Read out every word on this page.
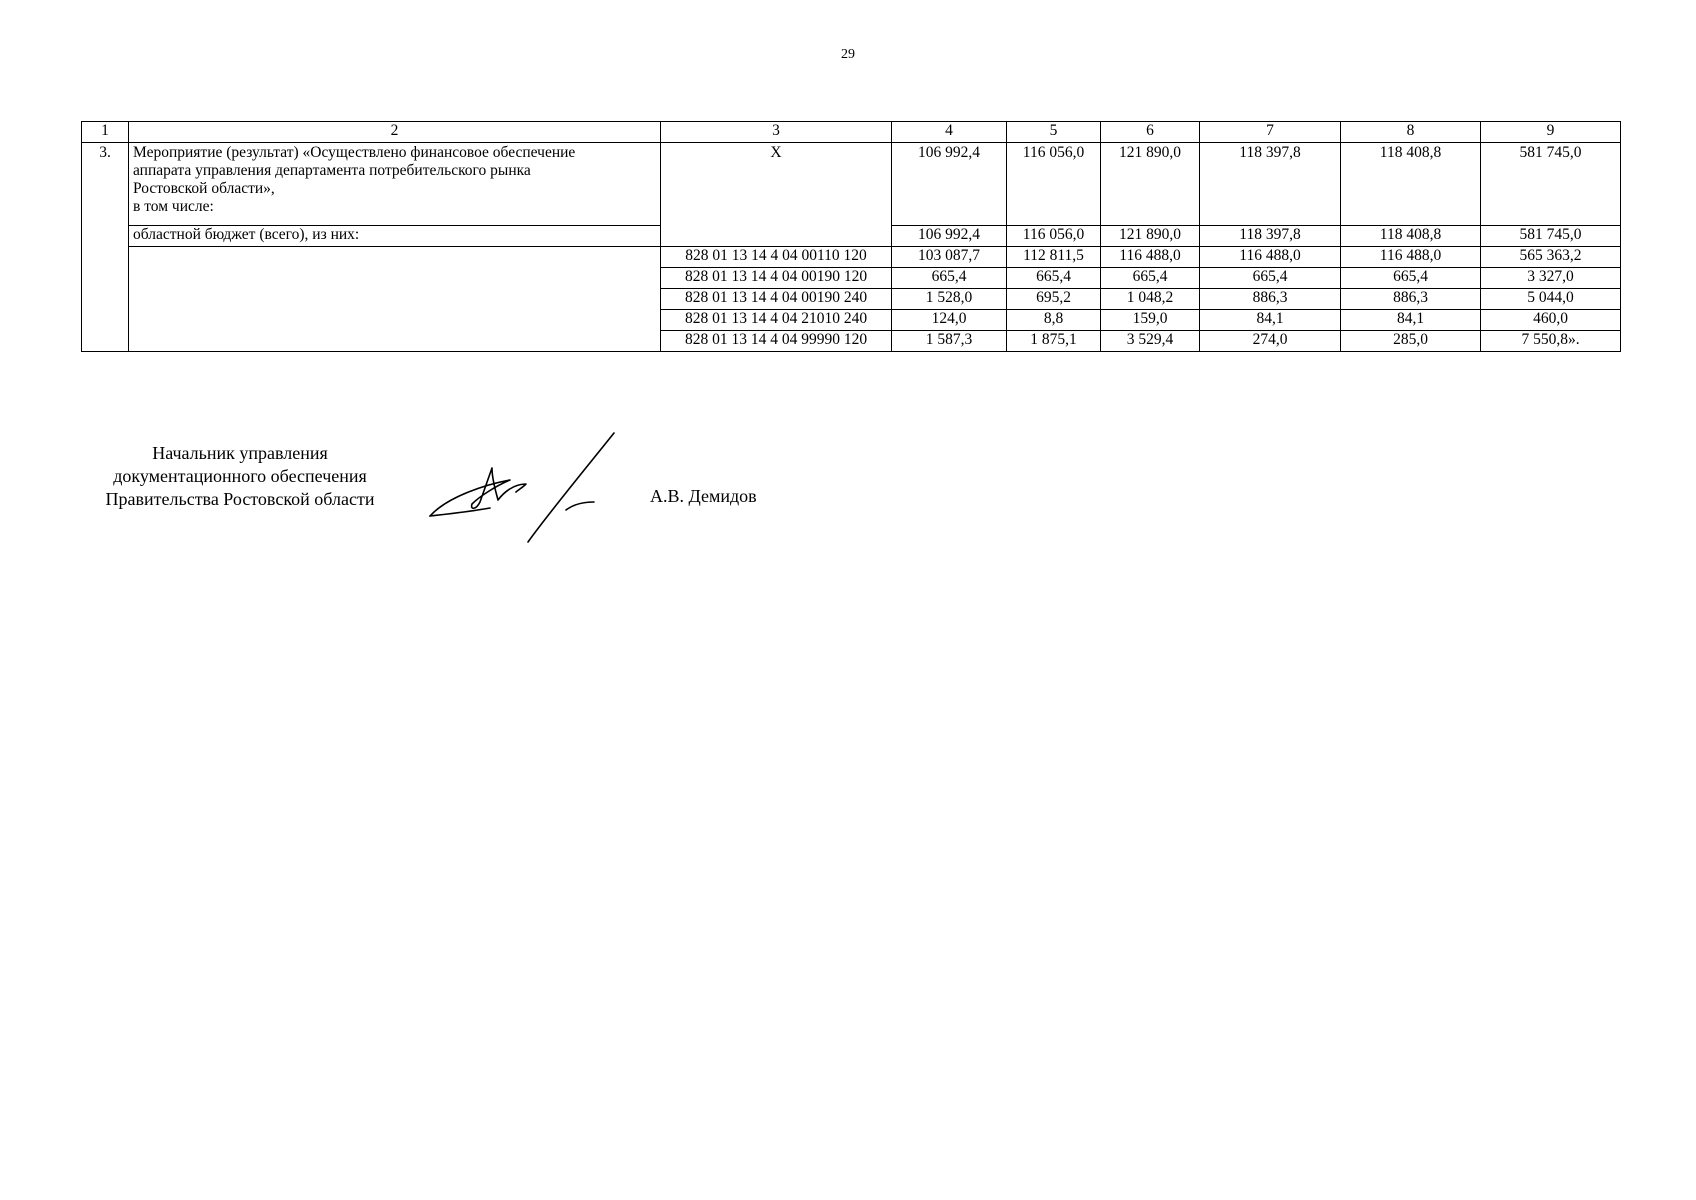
29
1	2	3	4	5	6	7	8	9
3.	Мероприятие (результат) «Осуществлено финансовое обеспечение
аппарата управления департамента потребительского рынка
Ростовской области»,
в том числе:	Х	106 992,4	116 056,0	121 890,0	118 397,8	118 408,8	581 745,0
	областной бюджет (всего), из них:		106 992,4	116 056,0	121 890,0	118 397,8	118 408,8	581 745,0
		828 01 13 14 4 04 00110 120	103 087,7	112 811,5	116 488,0	116 488,0	116 488,0	565 363,2
		828 01 13 14 4 04 00190 120	665,4	665,4	665,4	665,4	665,4	3 327,0
		828 01 13 14 4 04 00190 240	1 528,0	695,2	1 048,2	886,3	886,3	5 044,0
		828 01 13 14 4 04 21010 240	124,0	8,8	159,0	84,1	84,1	460,0
		828 01 13 14 4 04 99990 120	1 587,3	1 875,1	3 529,4	274,0	285,0	7 550,8».
Начальник управления
документационного обеспечения
Правительства Ростовской области	А.В. Демидов
